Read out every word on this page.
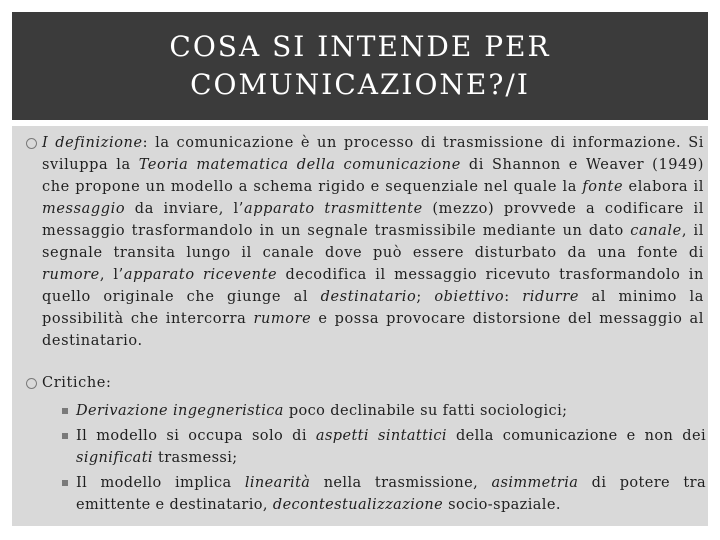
COSA SI INTENDE PER
COMUNICAZIONE?/I
I definizione: la comunicazione è un processo di trasmissione di informazione. Si sviluppa la Teoria matematica della comunicazione di Shannon e Weaver (1949) che propone un modello a schema rigido e sequenziale nel quale la fonte elabora il messaggio da inviare, l’apparato trasmittente (mezzo) provvede a codificare il messaggio trasformandolo in un segnale trasmissibile mediante un dato canale, il segnale transita lungo il canale dove può essere disturbato da una fonte di rumore, l’apparato ricevente decodifica il messaggio ricevuto trasformandolo in quello originale che giunge al destinatario; obiettivo: ridurre al minimo la possibilità che intercorra rumore e possa provocare distorsione del messaggio al destinatario.
Critiche:
Derivazione ingegneristica poco declinabile su fatti sociologici;
Il modello si occupa solo di aspetti sintattici della comunicazione e non dei significati trasmessi;
Il modello implica linearità nella trasmissione, asimmetria di potere tra emittente e destinatario, decontestualizzazione socio-spaziale.
